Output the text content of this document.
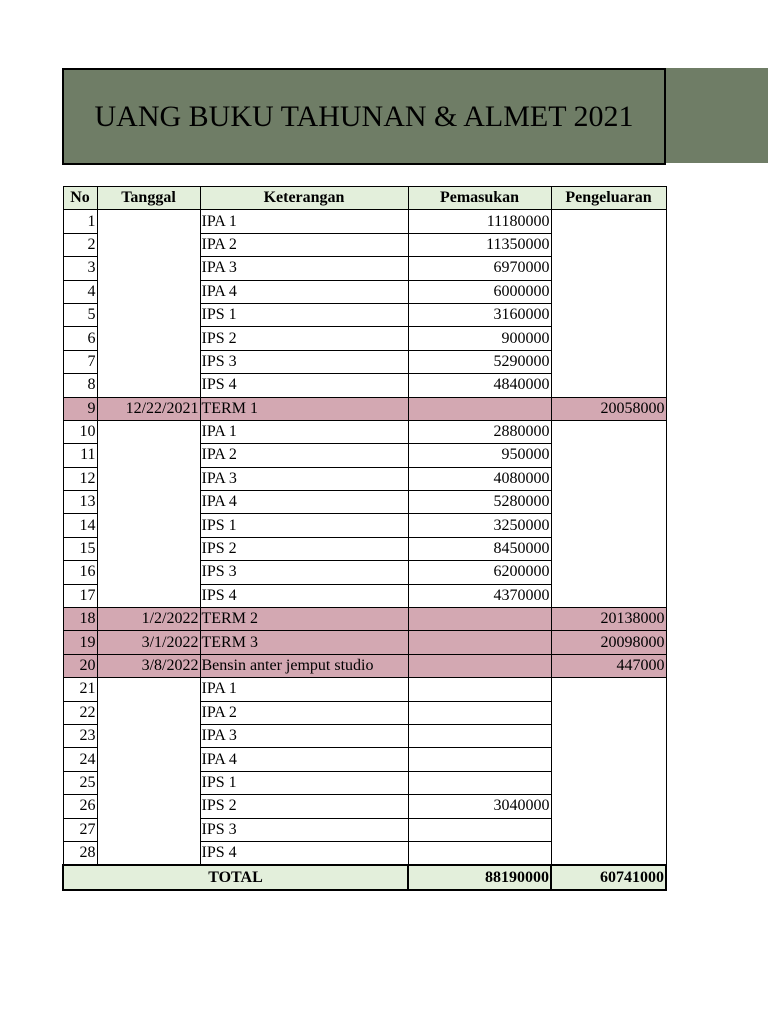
UANG BUKU TAHUNAN & ALMET 2021
No	Tanggal	Keterangan	Pemasukan	Pengeluaran
1		IPA 1	11180000	
2		IPA 2	11350000	
3		IPA 3	6970000	
4		IPA 4	6000000	
5		IPS 1	3160000	
6		IPS 2	900000	
7		IPS 3	5290000	
8		IPS 4	4840000	
9	12/22/2021	TERM 1		20058000
10		IPA 1	2880000	
11		IPA 2	950000	
12		IPA 3	4080000	
13		IPA 4	5280000	
14		IPS 1	3250000	
15		IPS 2	8450000	
16		IPS 3	6200000	
17		IPS 4	4370000	
18	1/2/2022	TERM 2		20138000
19	3/1/2022	TERM 3		20098000
20	3/8/2022	Bensin anter jemput studio		447000
21		IPA 1		
22		IPA 2		
23		IPA 3		
24		IPA 4		
25		IPS 1		
26		IPS 2	3040000	
27		IPS 3		
28		IPS 4		
TOTAL			88190000	60741000
